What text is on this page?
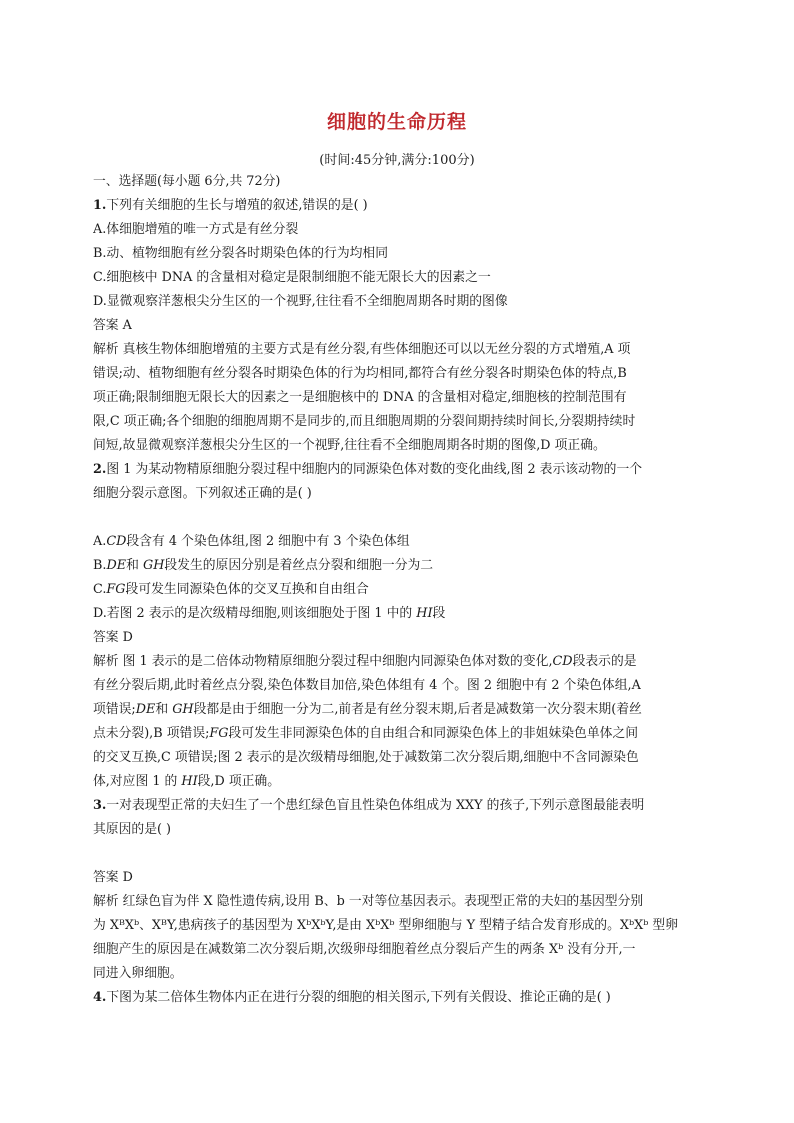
细胞的生命历程
(时间:45分钟,满分:100分)
一、选择题(每小题 6分,共 72分)
1.下列有关细胞的生长与增殖的叙述,错误的是( )
A.体细胞增殖的唯一方式是有丝分裂
B.动、植物细胞有丝分裂各时期染色体的行为均相同
C.细胞核中 DNA 的含量相对稳定是限制细胞不能无限长大的因素之一
D.显微观察洋葱根尖分生区的一个视野,往往看不全细胞周期各时期的图像
答案 A
解析 真核生物体细胞增殖的主要方式是有丝分裂,有些体细胞还可以以无丝分裂的方式增殖,A 项
错误;动、植物细胞有丝分裂各时期染色体的行为均相同,都符合有丝分裂各时期染色体的特点,B
项正确;限制细胞无限长大的因素之一是细胞核中的 DNA 的含量相对稳定,细胞核的控制范围有
限,C 项正确;各个细胞的细胞周期不是同步的,而且细胞周期的分裂间期持续时间长,分裂期持续时
间短,故显微观察洋葱根尖分生区的一个视野,往往看不全细胞周期各时期的图像,D 项正确。
2.图 1 为某动物精原细胞分裂过程中细胞内的同源染色体对数的变化曲线,图 2 表示该动物的一个
细胞分裂示意图。下列叙述正确的是( )
A.CD段含有 4 个染色体组,图 2 细胞中有 3 个染色体组
B.DE和 GH段发生的原因分别是着丝点分裂和细胞一分为二
C.FG段可发生同源染色体的交叉互换和自由组合
D.若图 2 表示的是次级精母细胞,则该细胞处于图 1 中的 HI段
答案 D
解析 图 1 表示的是二倍体动物精原细胞分裂过程中细胞内同源染色体对数的变化,CD段表示的是
有丝分裂后期,此时着丝点分裂,染色体数目加倍,染色体组有 4 个。图 2 细胞中有 2 个染色体组,A
项错误;DE和 GH段都是由于细胞一分为二,前者是有丝分裂末期,后者是减数第一次分裂末期(着丝
点未分裂),B 项错误;FG段可发生非同源染色体的自由组合和同源染色体上的非姐妹染色单体之间
的交叉互换,C 项错误;图 2 表示的是次级精母细胞,处于减数第二次分裂后期,细胞中不含同源染色
体,对应图 1 的 HI段,D 项正确。
3.一对表现型正常的夫妇生了一个患红绿色盲且性染色体组成为 XXY 的孩子,下列示意图最能表明
其原因的是( )
答案 D
解析 红绿色盲为伴 X 隐性遗传病,设用 B、b 一对等位基因表示。表现型正常的夫妇的基因型分别
为 XᴮXᵇ、XᴮY,患病孩子的基因型为 XᵇXᵇY,是由 XᵇXᵇ 型卵细胞与 Y 型精子结合发育形成的。XᵇXᵇ 型卵
细胞产生的原因是在减数第二次分裂后期,次级卵母细胞着丝点分裂后产生的两条 Xᵇ 没有分开,一
同进入卵细胞。
4.下图为某二倍体生物体内正在进行分裂的细胞的相关图示,下列有关假设、推论正确的是( )
